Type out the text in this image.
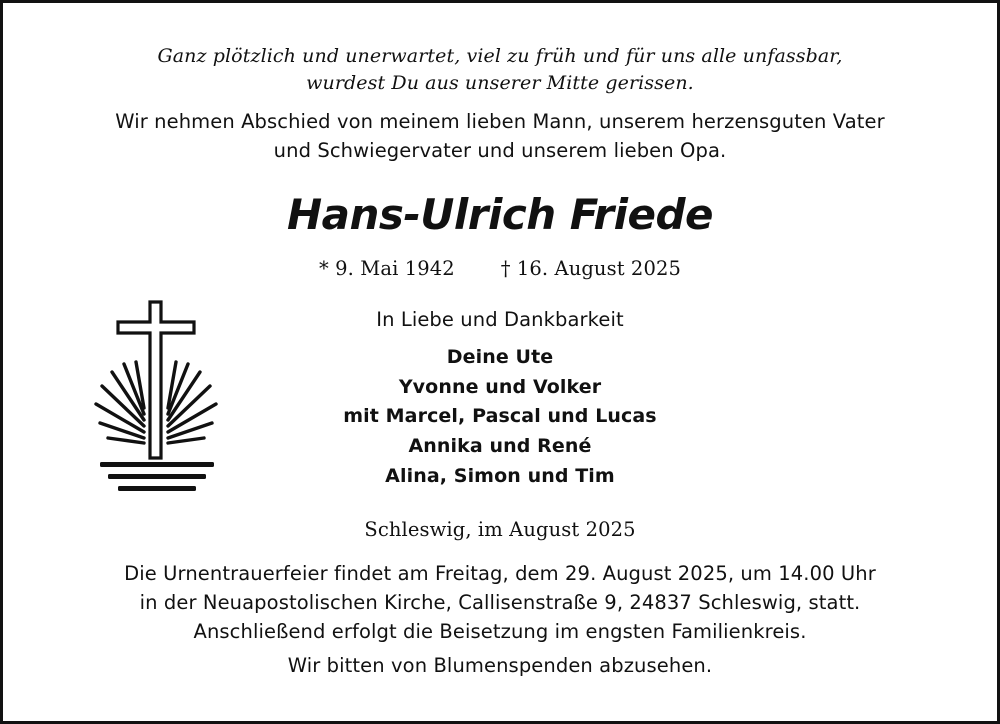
Ganz plötzlich und unerwartet, viel zu früh und für uns alle unfassbar,
wurdest Du aus unserer Mitte gerissen.
Wir nehmen Abschied von meinem lieben Mann, unserem herzensguten Vater
und Schwiegervater und unserem lieben Opa.
Hans-Ulrich Friede
* 9. Mai 1942 † 16. August 2025
In Liebe und Dankbarkeit
Deine Ute
Yvonne und Volker
mit Marcel, Pascal und Lucas
Annika und René
Alina, Simon und Tim
Schleswig, im August 2025
Die Urnentrauerfeier findet am Freitag, dem 29. August 2025, um 14.00 Uhr
in der Neuapostolischen Kirche, Callisenstraße 9, 24837 Schleswig, statt.
Anschließend erfolgt die Beisetzung im engsten Familienkreis.
Wir bitten von Blumenspenden abzusehen.
